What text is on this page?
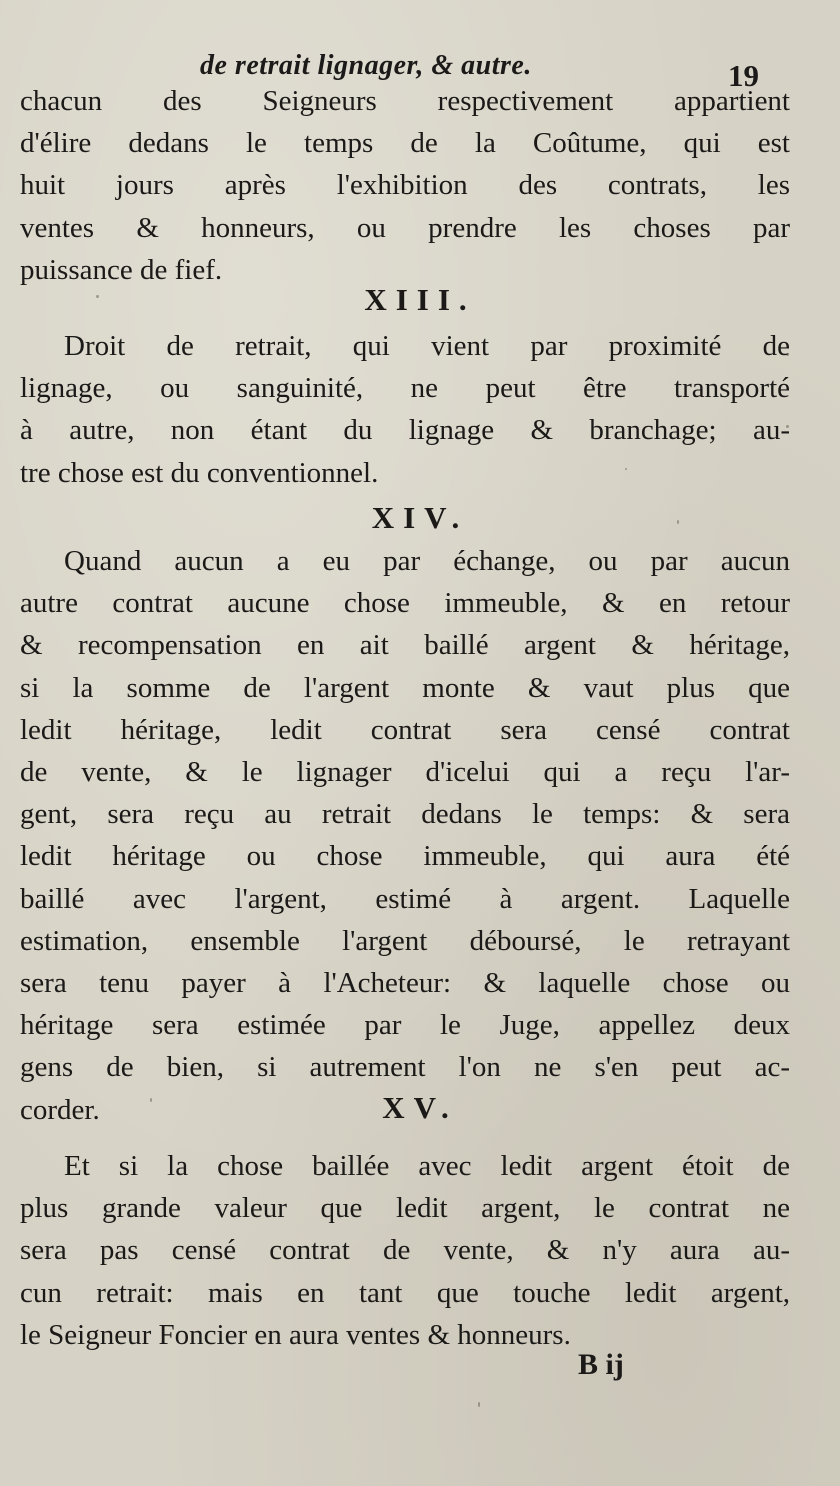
de retrait lignager, & autre.	19

chacun des Seigneurs respectivement appartient
d'élire dedans le temps de la Coûtume, qui est
huit jours après l'exhibition des contrats, les
ventes & honneurs, ou prendre les choses par
puissance de fief.

XIII.

Droit de retrait, qui vient par proximité de
lignage, ou sanguinité, ne peut être transporté
à autre, non étant du lignage & branchage; au-
tre chose est du conventionnel.

XIV.

Quand aucun a eu par échange, ou par aucun
autre contrat aucune chose immeuble, & en retour
& recompensation en ait baillé argent & héritage,
si la somme de l'argent monte & vaut plus que
ledit héritage, ledit contrat sera censé contrat
de vente, & le lignager d'icelui qui a reçu l'ar-
gent, sera reçu au retrait dedans le temps: & sera
ledit héritage ou chose immeuble, qui aura été
baillé avec l'argent, estimé à argent. Laquelle
estimation, ensemble l'argent déboursé, le retrayant
sera tenu payer à l'Acheteur: & laquelle chose ou
héritage sera estimée par le Juge, appellez deux
gens de bien, si autrement l'on ne s'en peut ac-
corder.	XV.

Et si la chose baillée avec ledit argent étoit de
plus grande valeur que ledit argent, le contrat ne
sera pas censé contrat de vente, & n'y aura au-
cun retrait: mais en tant que touche ledit argent,
le Seigneur Foncier en aura ventes & honneurs.

B ij
